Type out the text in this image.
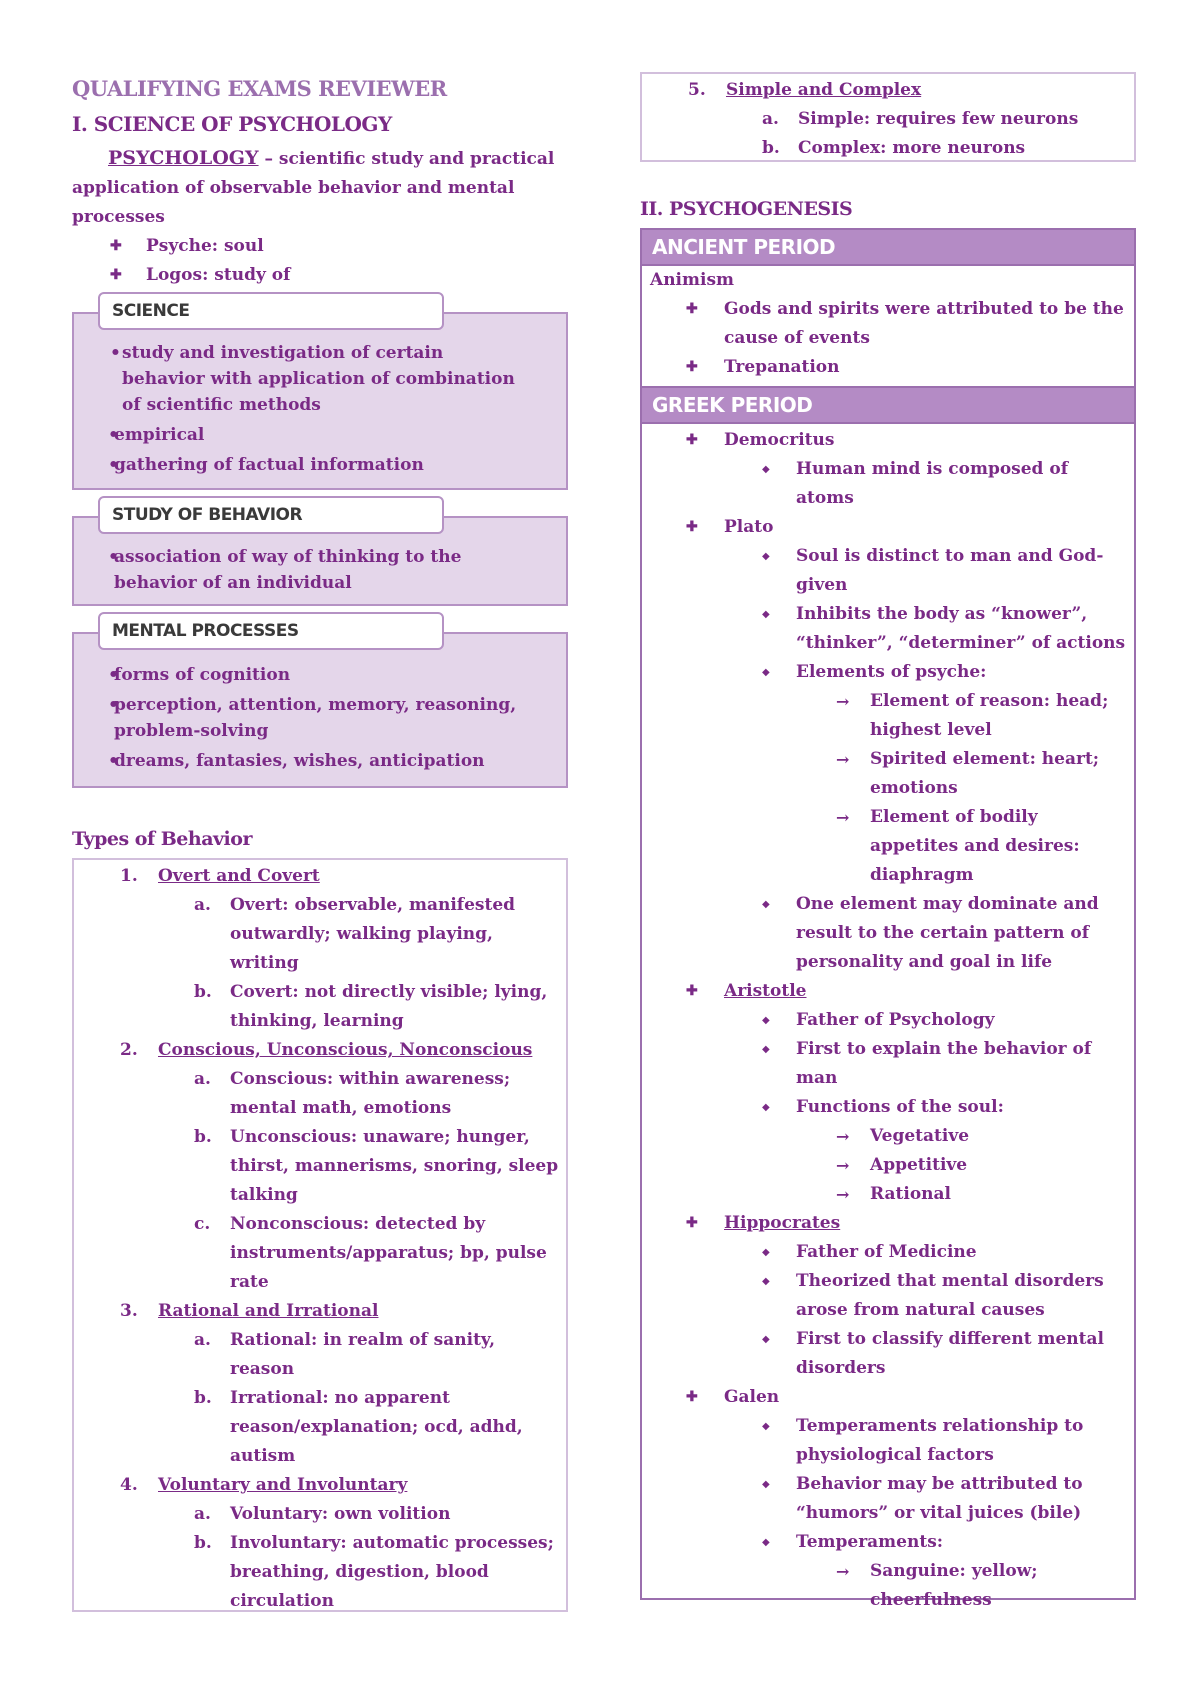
QUALIFYING EXAMS REVIEWER
I. SCIENCE OF PSYCHOLOGY
PSYCHOLOGY – scientific study and practical application of observable behavior and mental processes
✚ Psyche: soul
✚ Logos: study of
• study and investigation of certain behavior with application of combination of scientific methods
• empirical
• gathering of factual information
SCIENCE
• association of way of thinking to the behavior of an individual
STUDY OF BEHAVIOR
• forms of cognition
• perception, attention, memory, reasoning, problem-solving
• dreams, fantasies, wishes, anticipation
MENTAL PROCESSES
Types of Behavior
1. Overt and Covert
a. Overt: observable, manifested outwardly; walking playing, writing
b. Covert: not directly visible; lying, thinking, learning
2. Conscious, Unconscious, Nonconscious
a. Conscious: within awareness; mental math, emotions
b. Unconscious: unaware; hunger, thirst, mannerisms, snoring, sleep talking
c. Nonconscious: detected by instruments/apparatus; bp, pulse rate
3. Rational and Irrational
a. Rational: in realm of sanity, reason
b. Irrational: no apparent reason/explanation; ocd, adhd, autism
4. Voluntary and Involuntary
a. Voluntary: own volition
b. Involuntary: automatic processes; breathing, digestion, blood circulation
5. Simple and Complex
a. Simple: requires few neurons
b. Complex: more neurons
II. PSYCHOGENESIS
ANCIENT PERIOD
Animism
✚ Gods and spirits were attributed to be the cause of events
✚ Trepanation
GREEK PERIOD
✚ Democritus
◆ Human mind is composed of atoms
✚ Plato
◆ Soul is distinct to man and God-given
◆ Inhibits the body as “knower”, “thinker”, “determiner” of actions
◆ Elements of psyche:
→ Element of reason: head; highest level
→ Spirited element: heart; emotions
→ Element of bodily appetites and desires: diaphragm
◆ One element may dominate and result to the certain pattern of personality and goal in life
✚ Aristotle
◆ Father of Psychology
◆ First to explain the behavior of man
◆ Functions of the soul:
→ Vegetative
→ Appetitive
→ Rational
✚ Hippocrates
◆ Father of Medicine
◆ Theorized that mental disorders arose from natural causes
◆ First to classify different mental disorders
✚ Galen
◆ Temperaments relationship to physiological factors
◆ Behavior may be attributed to “humors” or vital juices (bile)
◆ Temperaments:
→ Sanguine: yellow; cheerfulness
